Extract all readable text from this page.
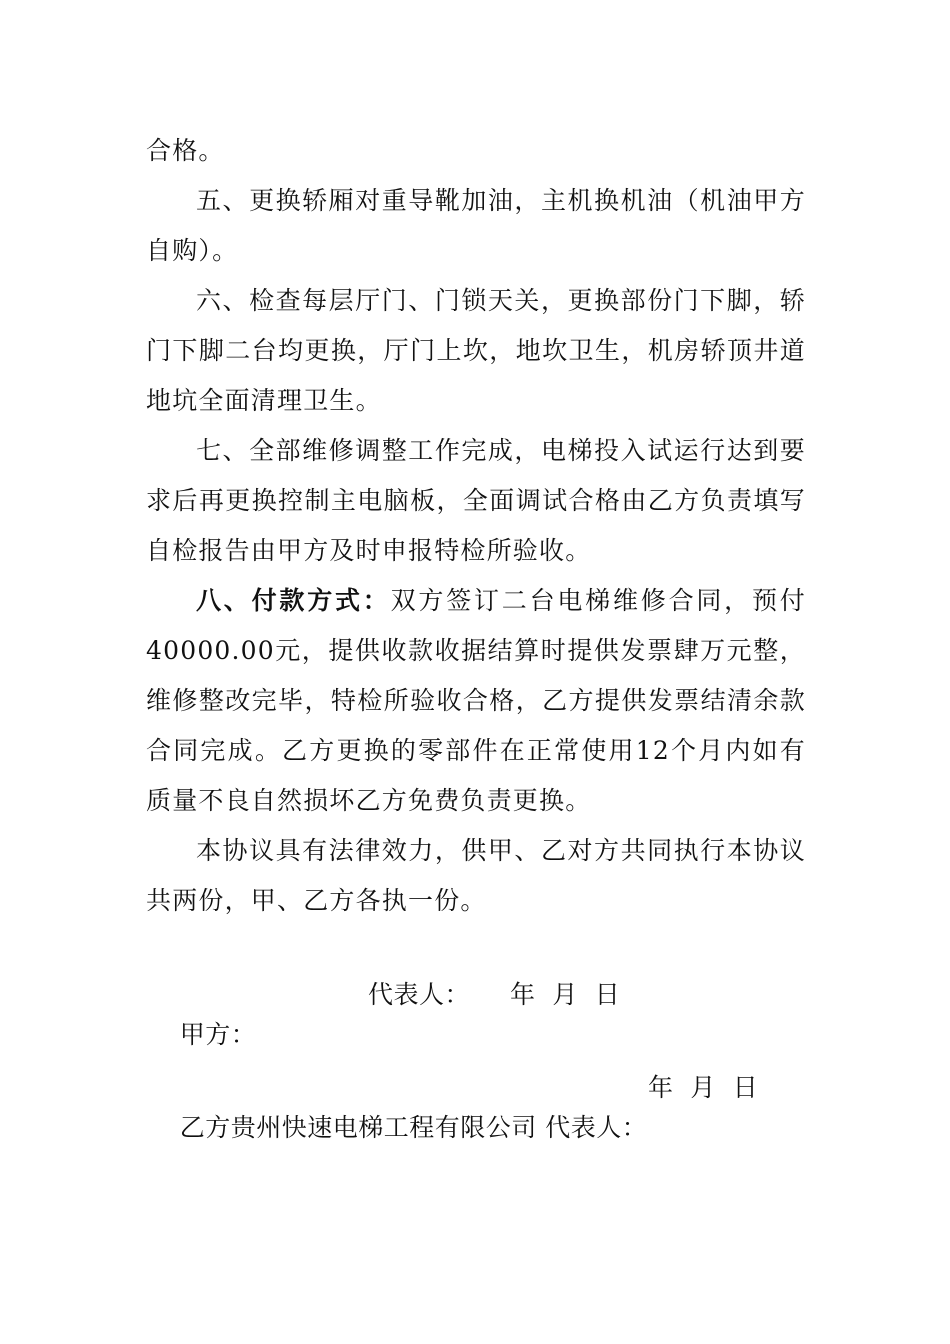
合格。

五、更换轿厢对重导靴加油，主机换机油（机油甲方自购）。

六、检查每层厅门、门锁天关，更换部份门下脚，轿门下脚二台均更换，厅门上坎，地坎卫生，机房轿顶井道地坑全面清理卫生。

七、全部维修调整工作完成，电梯投入试运行达到要求后再更换控制主电脑板，全面调试合格由乙方负责填写自检报告由甲方及时申报特检所验收。

八、付款方式：双方签订二台电梯维修合同，预付40000.00元，提供收款收据结算时提供发票肆万元整，维修整改完毕，特检所验收合格，乙方提供发票结清余款合同完成。乙方更换的零部件在正常使用12个月内如有质量不良自然损坏乙方免费负责更换。

本协议具有法律效力，供甲、乙对方共同执行本协议共两份，甲、乙方各执一份。

甲方：

代表人：

年  月  日

乙方贵州快速电梯工程有限公司 代表人：

年  月  日
